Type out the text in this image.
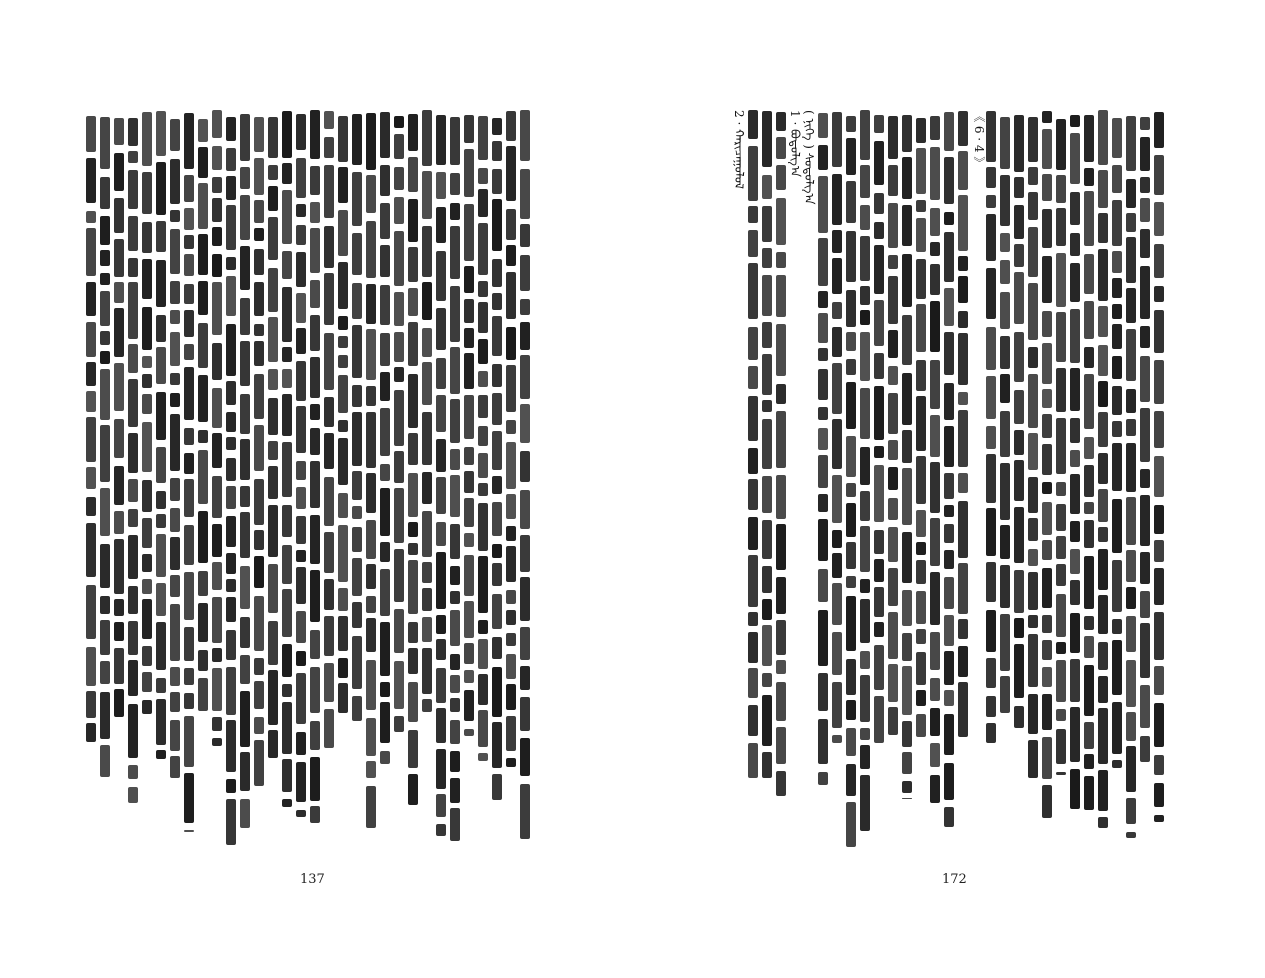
137
2 · ᠬᠠᠷᠢᠴᠠᠭᠤᠯᠤᠯ	1 · ᠪᠣᠳᠤᠯᠭ᠎ᠠ ( ᠨᠢᠭᠡ ) ᠰᠤᠳᠤᠯᠭ᠎ᠠ	《 6 · 4 》
172
